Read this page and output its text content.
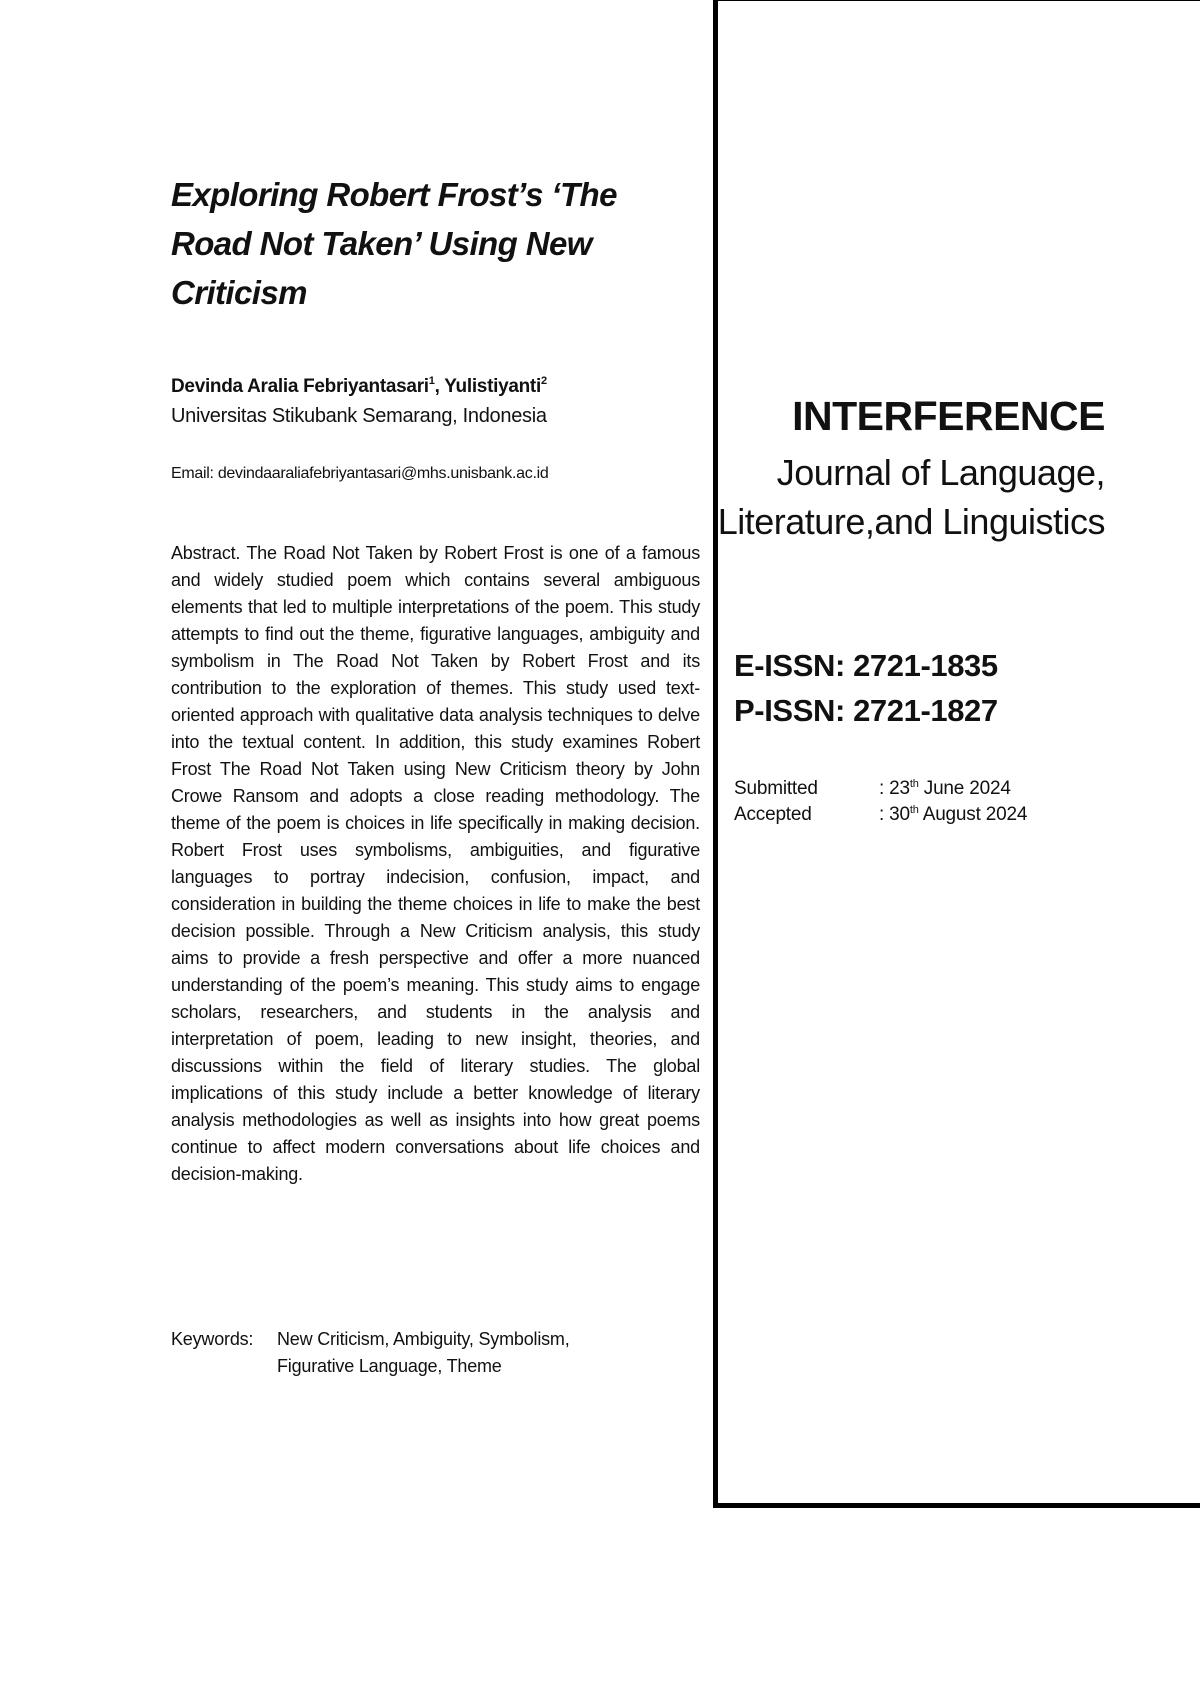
Exploring Robert Frost’s ‘The Road Not Taken’ Using New Criticism
Devinda Aralia Febriyantasari$^1$, Yulistiyanti$^2$
Universitas Stikubank Semarang, Indonesia
Email: devindaaraliafebriyantasari@mhs.unisbank.ac.id

Abstract. The Road Not Taken by Robert Frost is one of a famous and widely studied poem which contains several ambiguous elements that led to multiple interpretations of the poem. This study attempts to find out the theme, figurative languages, ambiguity and symbolism in The Road Not Taken by Robert Frost and its contribution to the exploration of themes. This study used text-oriented approach with qualitative data analysis techniques to delve into the textual content. In addition, this study examines Robert Frost The Road Not Taken using New Criticism theory by John Crowe Ransom and adopts a close reading methodology. The theme of the poem is choices in life specifically in making decision. Robert Frost uses symbolisms, ambiguities, and figurative languages to portray indecision, confusion, impact, and consideration in building the theme choices in life to make the best decision possible. Through a New Criticism analysis, this study aims to provide a fresh perspective and offer a more nuanced understanding of the poem’s meaning. This study aims to engage scholars, researchers, and students in the analysis and interpretation of poem, leading to new insight, theories, and discussions within the field of literary studies. The global implications of this study include a better knowledge of literary analysis methodologies as well as insights into how great poems continue to affect modern conversations about life choices and decision-making.

Keywords:	New Criticism, Ambiguity, Symbolism,
Figurative Language, Theme
INTERFERENCE

Journal of Language, Literature,and Linguistics

E-ISSN: 2721-1835
P-ISSN: 2721-1827
Submitted	: 23th June 2024
Accepted	: 30th August 2024
